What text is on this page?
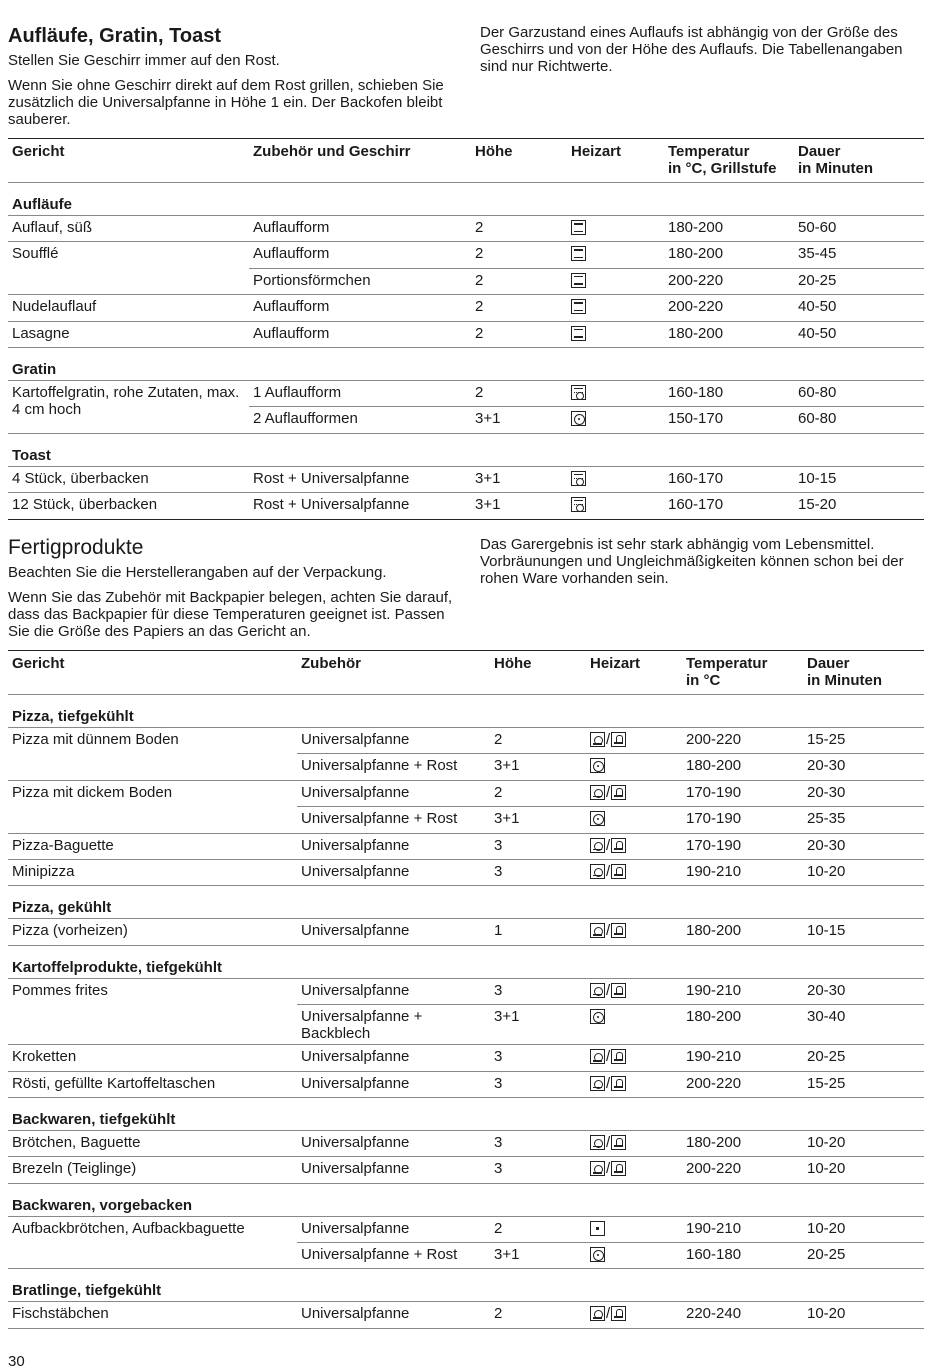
Aufläufe, Gratin, Toast

Stellen Sie Geschirr immer auf den Rost.

Wenn Sie ohne Geschirr direkt auf dem Rost grillen, schieben Sie zusätzlich die Universalpfanne in Höhe 1 ein. Der Backofen bleibt sauberer.

Der Garzustand eines Auflaufs ist abhängig von der Größe des Geschirrs und von der Höhe des Auflaufs. Die Tabellenangaben sind nur Richtwerte.

Gericht	Zubehör und Geschirr	Höhe	Heizart	Temperatur
in °C, Grillstufe	Dauer
in Minuten
Aufläufe					
Auflauf, süß	Auflaufform	2		180-200	50-60
Soufflé	Auflaufform	2		180-200	35-45
	Portionsförmchen	2		200-220	20-25
Nudelauflauf	Auflaufform	2		200-220	40-50
Lasagne	Auflaufform	2		180-200	40-50
Gratin					
Kartoffelgratin, rohe Zutaten, max. 4 cm hoch	1 Auflaufform	2		160-180	60-80
	2 Auflaufformen	3+1		150-170	60-80
Toast					
4 Stück, überbacken	Rost + Universalpfanne	3+1		160-170	10-15
12 Stück, überbacken	Rost + Universalpfanne	3+1		160-170	15-20
Fertigprodukte

Beachten Sie die Herstellerangaben auf der Verpackung.

Wenn Sie das Zubehör mit Backpapier belegen, achten Sie darauf, dass das Backpapier für diese Temperaturen geeignet ist. Passen Sie die Größe des Papiers an das Gericht an.

Das Garergebnis ist sehr stark abhängig vom Lebensmittel. Vorbräunungen und Ungleichmäßigkeiten können schon bei der rohen Ware vorhanden sein.

Gericht	Zubehör	Höhe	Heizart	Temperatur
in °C	Dauer
in Minuten
Pizza, tiefgekühlt					
Pizza mit dünnem Boden	Universalpfanne	2	/	200-220	15-25
	Universalpfanne + Rost	3+1		180-200	20-30
Pizza mit dickem Boden	Universalpfanne	2	/	170-190	20-30
	Universalpfanne + Rost	3+1		170-190	25-35
Pizza-Baguette	Universalpfanne	3	/	170-190	20-30
Minipizza	Universalpfanne	3	/	190-210	10-20
Pizza, gekühlt					
Pizza (vorheizen)	Universalpfanne	1	/	180-200	10-15
Kartoffelprodukte, tiefgekühlt					
Pommes frites	Universalpfanne	3	/	190-210	20-30
	Universalpfanne + Backblech	3+1		180-200	30-40
Kroketten	Universalpfanne	3	/	190-210	20-25
Rösti, gefüllte Kartoffeltaschen	Universalpfanne	3	/	200-220	15-25
Backwaren, tiefgekühlt					
Brötchen, Baguette	Universalpfanne	3	/	180-200	10-20
Brezeln (Teiglinge)	Universalpfanne	3	/	200-220	10-20
Backwaren, vorgebacken					
Aufbackbrötchen, Aufbackbaguette	Universalpfanne	2		190-210	10-20
	Universalpfanne + Rost	3+1		160-180	20-25
Bratlinge, tiefgekühlt					
Fischstäbchen	Universalpfanne	2	/	220-240	10-20
30
